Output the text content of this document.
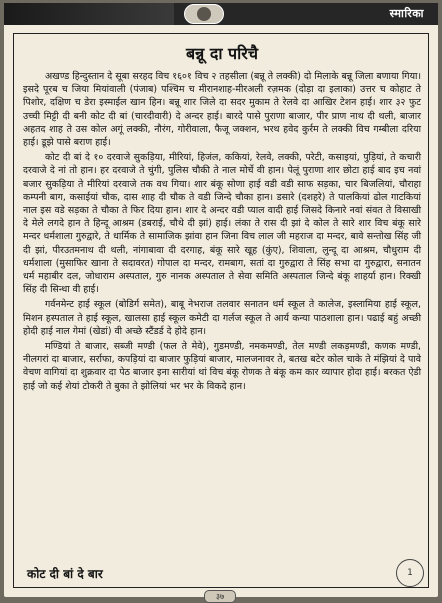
स्मारिका
बन्नू दा परिचै

अखण्ड हिन्दुस्तान दे सूबा सरहद विच १६०१ विच २ तहसीला (बन्नू ते लक्की) दो मिलाके बन्नू जिला बणाया गिया। इसदे पूरब च जिया मियांवाली (पंजाब) पश्चिम च मीरानशाह-मीरअली रज़मक (दोड़ा दा इलाका) उत्तर च कोहाट ते पिशोर, दक्षिण च डेरा इस्माईल खान हिन। बन्नू शार जिले दा सदर मुकाम ते रेलवे दा आखिर टेशन हाई। शार ३२ फुट उच्ची मिट्टी दी बनी कोट दी बां (चारदीवारी) दे अन्दर हाई। बारदे पासे पुराणा बाजार, पीर प्राण नाथ दी थली, बाजार अहतद शाह ते उस कोल अगूं लक्की, नौरंग, गोरीवाला, फैजू जक्शन, भरथ हवेद कुर्रम ते लक्की विच गम्बीला दरिया हाई। डूझे पासे बराण हाई।

कोट दी बां दे १० दरवाजे सुकड़िया, मीरियां, हिजंल, ककियां, रेलवे, लक्की, परेटी, कसाइयां, पुड़ियां, ते कचारी दरवाजे दे नां तो हान। हर दरवाजे ते चुंगी, पुलिस चौकी ते नाल मोर्चे वी हान। पेलूं पुराणा शार छोटा हाई बाद इच नवां बजार सुकड़िया ते मीरियां दरवाजे तक वध गिया। शार बंकू सोणा हाई वडी वडी साफ सड़का, चार बिजलियां, चौराहा कम्पनी बाग, कसाईयां चौक, दास शाह दी चौक ते वडी जिन्दे चौका हान। डसारे (दशहरे) ते पालकियां ढोल गाटकियां नाल इस वडे सड़का ते चौका ते फिर दिया हान। शार दे अन्दर वडी प्याल वादी हाई जिसदे किनारे नवां संवत ते विसाखी दे मेले लगदे हान ते हिन्दू आश्रम (डबराई, चौथे दी झां) हाई। लंका ते रास दी झां दे कोल ते सारे शार विच बंकू सारे मन्दर धर्मशाला गुरुद्वारे, ते धार्मिक ते सामाजिक झांवा हान जिना विच लाल जी महराज दा मन्दर, बावे सन्तोख सिंह जी दी झां, पीरउतमनाथ दी थली, नांगाबावा दी दरगाह, बंकू सारे खूह (कुंए), शिवाला, लुन्दू दा आश्रम, चौधुराम दी धर्मशाला (मुसाफिर खाना ते सदावरत) गोपाल दा मन्दर, रामबाग, सतां दा गुरुद्वारा ते सिंह सभा दा गुरुद्वारा, सनातन धर्म महाबीर दल, जोधाराम अस्पताल, गुरु नानक अस्पताल ते सेवा समिति अस्पताल जिन्दे बंकू शाहर्या हान। रिक्खी सिंह दी सिन्धा वी हाई।

गर्वनमेन्ट हाई स्कूल (बोडिर्ग समेत), बाबू नेभराज तलवार सनातन धर्म स्कूल ते कालेज, इस्लामिया हाई स्कूल, मिशन हस्पताल ते हाई स्कूल, खालसा हाई स्कूल कमेटी दा गर्लज स्कूल ते आर्य कन्या पाठशाला हान। पढाई बहुं अच्छी होदी हाई नाल गेमां (खेडां) वी अच्छे स्टैंडर्ड दे होदे हान।

मण्डियां ते बाजार, सब्जी मण्डी (फल ते मेवे), गुडमण्डी, नमकमण्डी, तेल मण्डी लकड़मण्डी, कणक मण्डी, नीलगरां दा बाजार, सर्राफा, कपड़ियां दा बाजार फुड़ियां बाजार, मालजनावर ते, बतख बटेर कोल चाके ते मंझियां दे पावे वेचण वागियां दा शुक्रवार दा पेठ बाजार इना सारीयां थां विच बंकू रोणक ते बंकू कम कार व्यापार होदा हाई। बरकत ऐडी हाई जो कई शेयां टोकरी ते बुका ते झोलियां भर भर के विकदे हान।

कोट दी बां दे बार	1
३७
